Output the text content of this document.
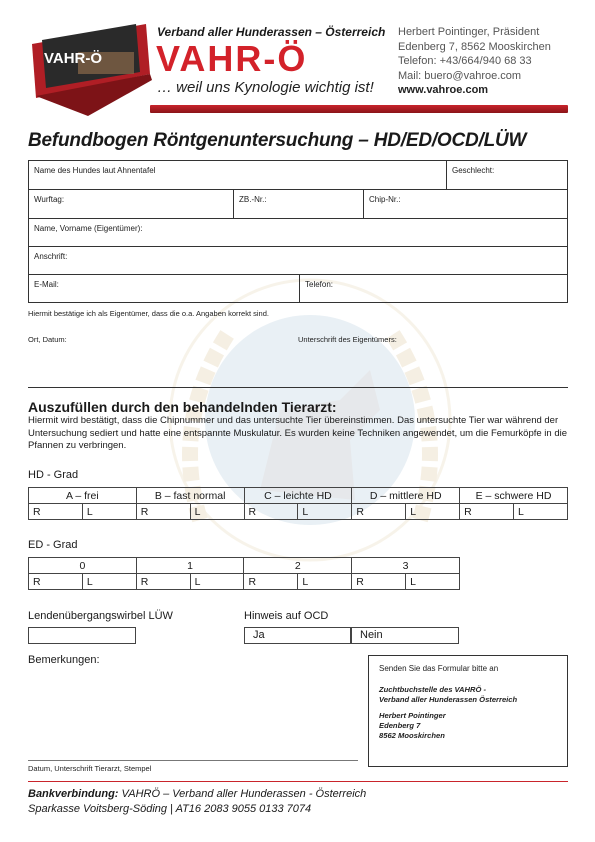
VAHR-Ö
Verband aller Hunderassen – Österreich
VAHR-Ö
… weil uns Kynologie wichtig ist!
Herbert Pointinger, Präsident
Edenberg 7, 8562 Mooskirchen
Telefon: +43/664/940 68 33
Mail: buero@vahroe.com
www.vahroe.com
Befundbogen Röntgenuntersuchung – HD/ED/OCD/LÜW
Name des Hundes laut Ahnentafel	Geschlecht:
Wurftag:	ZB.-Nr.:	Chip-Nr.:
Name, Vorname (Eigentümer):
Anschrift:
E-Mail:	Telefon:
Hiermit bestätige ich als Eigentümer, dass die o.a. Angaben korrekt sind.
Ort, Datum:	Unterschrift des Eigentümers:
Auszufüllen durch den behandelnden Tierarzt:
Hiermit wird bestätigt, dass die Chipnummer und das untersuchte Tier übereinstimmen. Das untersuchte Tier war während der Untersuchung sediert und hatte eine entspannte Muskulatur. Es wurden keine Techniken angewendet, um die Femurköpfe in die Pfannen zu verbringen.
HD - Grad
A – frei		B – fast normal		C – leichte HD		D – mittlere HD		E – schwere HD	
R	L	R	L	R	L	R	L	R	L
ED - Grad
0		1		2		3	
R	L	R	L	R	L	R	L
Lendenübergangswirbel LÜW	Hinweis auf OCD
Ja	Nein
Bemerkungen:
Senden Sie das Formular bitte an
Zuchtbuchstelle des VAHRÖ -
Verband aller Hunderassen Österreich
Herbert Pointinger
Edenberg 7
8562 Mooskirchen
Datum, Unterschrift Tierarzt, Stempel
Bankverbindung: VAHRÖ – Verband aller Hunderassen - Österreich
Sparkasse Voitsberg-Söding | AT16 2083 9055 0133 7074
